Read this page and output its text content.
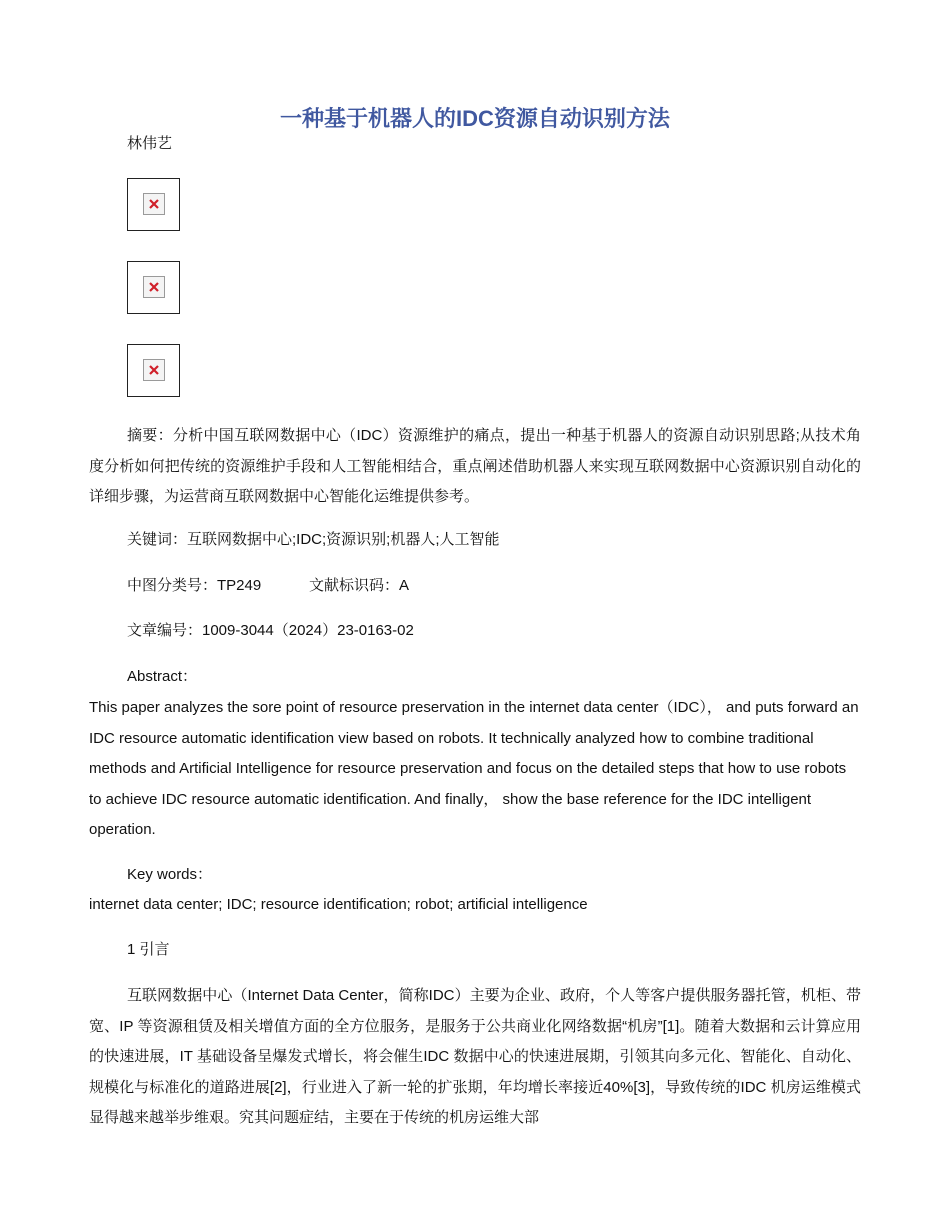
一种基于机器人的IDC资源自动识别方法
林伟艺

摘要：分析中国互联网数据中心（IDC）资源维护的痛点，提出一种基于机器人的资源自动识别思路;从技术角度分析如何把传统的资源维护手段和人工智能相结合，重点阐述借助机器人来实现互联网数据中心资源识别自动化的详细步骤，为运营商互联网数据中心智能化运维提供参考。

关键词：互联网数据中心;IDC;资源识别;机器人;人工智能
中图分类号：TP249	文献标识码：A
文章编号：1009-3044（2024）23-0163-02
Abstract：

This paper analyzes the sore point of resource preservation in the internet data center（IDC）， and puts forward an IDC resource automatic identification view based on robots. It technically analyzed how to combine traditional methods and Artificial Intelligence for resource preservation and focus on the detailed steps that how to use robots to achieve IDC resource automatic identification. And finally， show the base reference for the IDC intelligent operation.

Key words：
internet data center; IDC; resource identification; robot; artificial intelligence
1 引言

互联网数据中心（Internet Data Center，简称IDC）主要为企业、政府，个人等客户提供服务器托管，机柜、带宽、IP 等资源租赁及相关增值方面的全方位服务，是服务于公共商业化网络数据“机房”[1]。随着大数据和云计算应用的快速进展，IT 基础设备呈爆发式增长，将会催生IDC 数据中心的快速进展期，引领其向多元化、智能化、自动化、规模化与标准化的道路进展[2]，行业进入了新一轮的扩张期，年均增长率接近40%[3]，导致传统的IDC 机房运维模式显得越来越举步维艰。究其问题症结，主要在于传统的机房运维大部
